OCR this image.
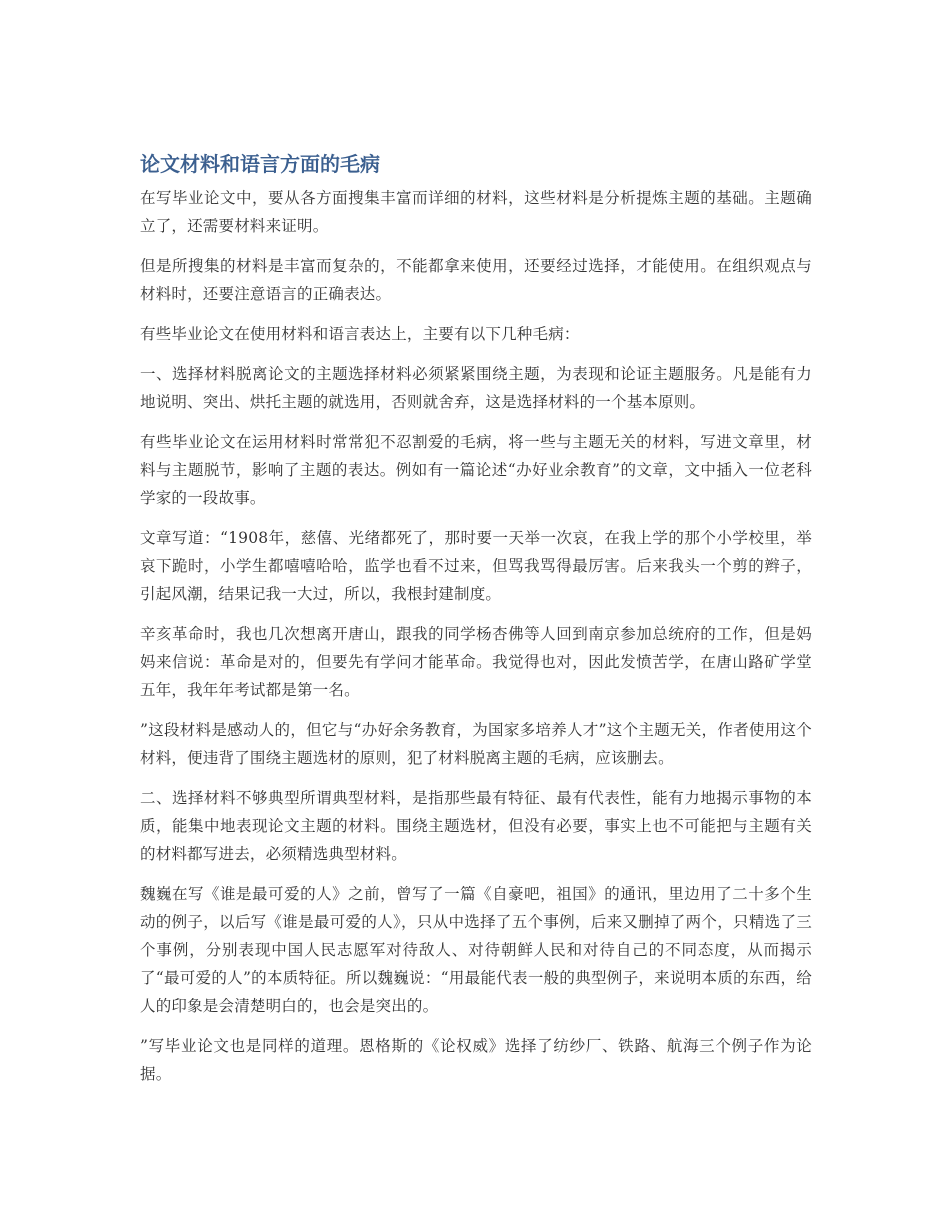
论文材料和语言方面的毛病

在写毕业论文中，要从各方面搜集丰富而详细的材料，这些材料是分析提炼主题的基础。主题确立了，还需要材料来证明。

但是所搜集的材料是丰富而复杂的，不能都拿来使用，还要经过选择，才能使用。在组织观点与材料时，还要注意语言的正确表达。

有些毕业论文在使用材料和语言表达上，主要有以下几种毛病：

一、选择材料脱离论文的主题选择材料必须紧紧围绕主题，为表现和论证主题服务。凡是能有力地说明、突出、烘托主题的就选用，否则就舍弃，这是选择材料的一个基本原则。

有些毕业论文在运用材料时常常犯不忍割爱的毛病，将一些与主题无关的材料，写进文章里，材料与主题脱节，影响了主题的表达。例如有一篇论述“办好业余教育”的文章，文中插入一位老科学家的一段故事。

文章写道：“1908年，慈僖、光绪都死了，那时要一天举一次哀，在我上学的那个小学校里，举哀下跪时，小学生都嘻嘻哈哈，监学也看不过来，但骂我骂得最厉害。后来我头一个剪的辫子，引起风潮，结果记我一大过，所以，我根封建制度。

辛亥革命时，我也几次想离开唐山，跟我的同学杨杏佛等人回到南京参加总统府的工作，但是妈妈来信说：革命是对的，但要先有学问才能革命。我觉得也对，因此发愤苦学，在唐山路矿学堂五年，我年年考试都是第一名。

”这段材料是感动人的，但它与“办好余务教育，为国家多培养人才”这个主题无关，作者使用这个材料，便违背了围绕主题选材的原则，犯了材料脱离主题的毛病，应该删去。

二、选择材料不够典型所谓典型材料，是指那些最有特征、最有代表性，能有力地揭示事物的本质，能集中地表现论文主题的材料。围绕主题选材，但没有必要，事实上也不可能把与主题有关的材料都写进去，必须精选典型材料。

魏巍在写《谁是最可爱的人》之前，曾写了一篇《自豪吧，祖国》的通讯，里边用了二十多个生动的例子，以后写《谁是最可爱的人》，只从中选择了五个事例，后来又删掉了两个，只精选了三个事例，分别表现中国人民志愿军对待敌人、对待朝鲜人民和对待自己的不同态度，从而揭示了“最可爱的人”的本质特征。所以魏巍说：“用最能代表一般的典型例子，来说明本质的东西，给人的印象是会清楚明白的，也会是突出的。

”写毕业论文也是同样的道理。恩格斯的《论权威》选择了纺纱厂、铁路、航海三个例子作为论据。
